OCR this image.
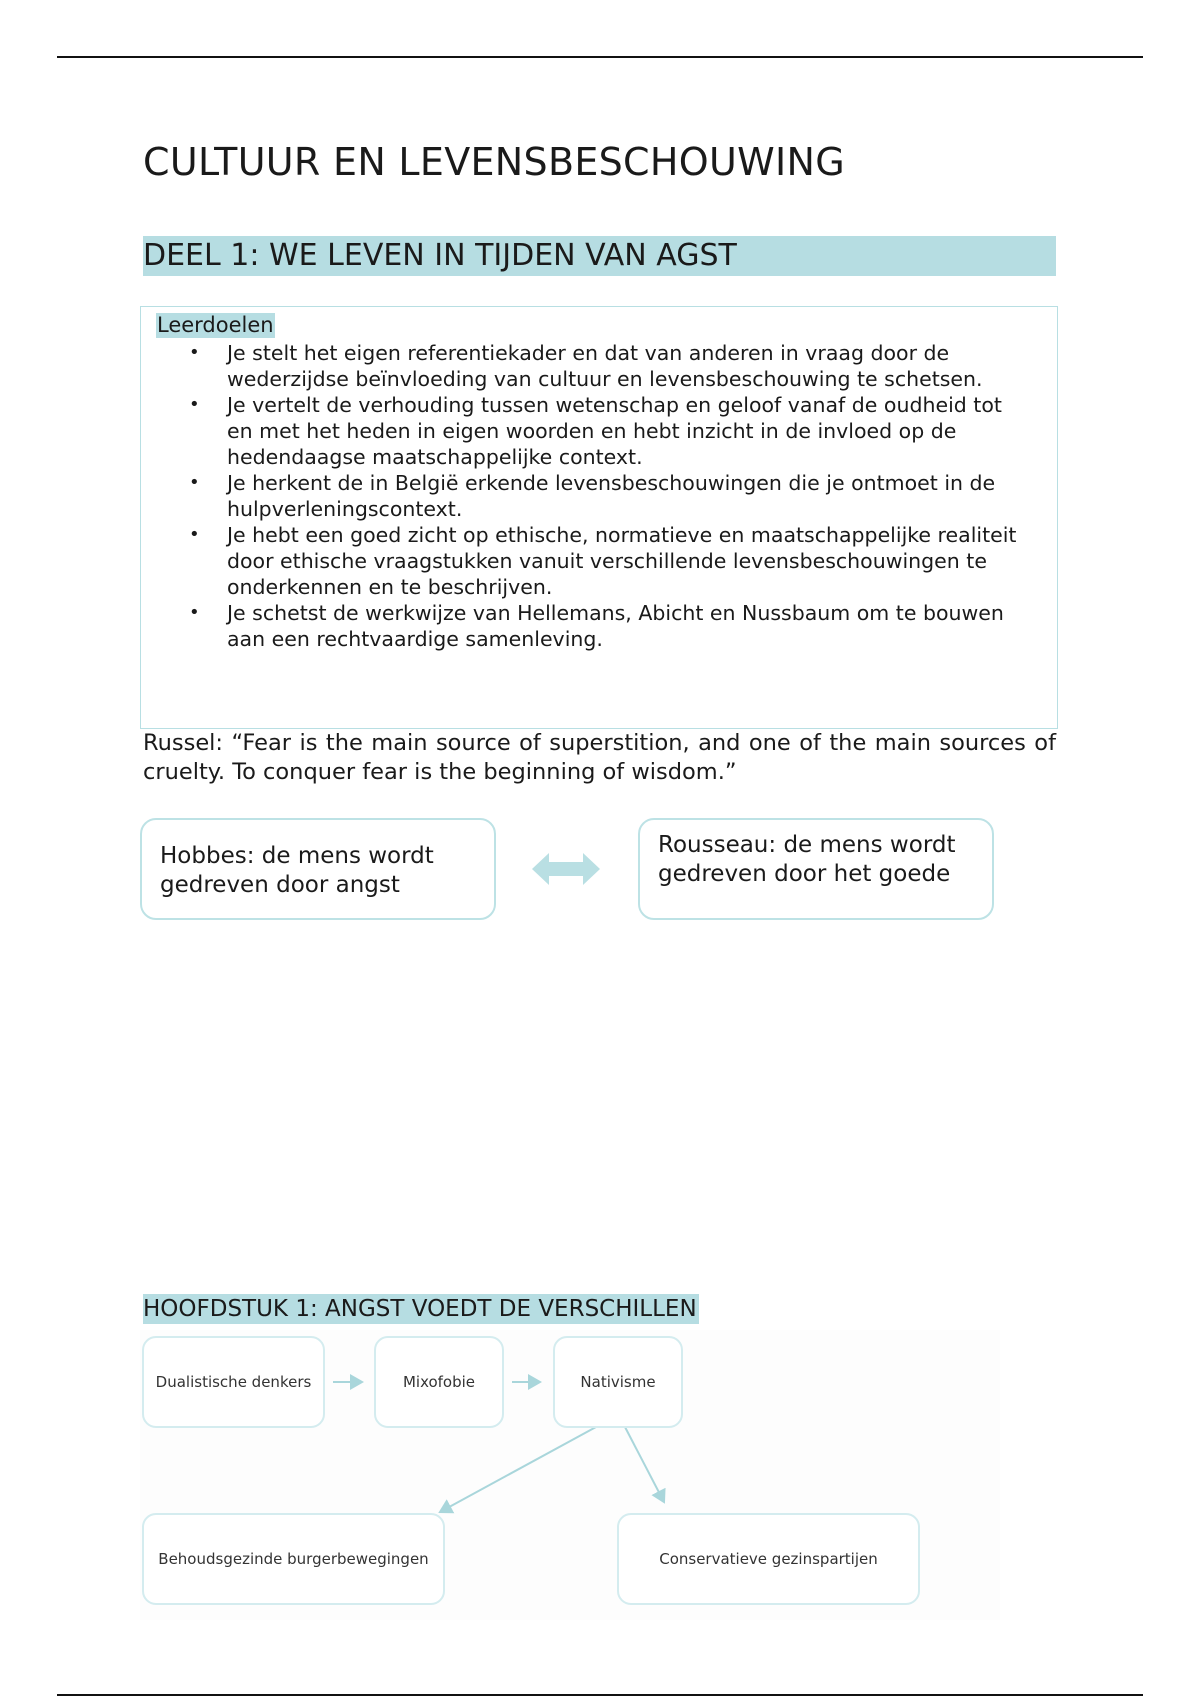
CULTUUR EN LEVENSBESCHOUWING
DEEL 1: WE LEVEN IN TIJDEN VAN AGST
Leerdoelen
• Je stelt het eigen referentiekader en dat van anderen in vraag door de wederzijdse beïnvloeding van cultuur en levensbeschouwing te schetsen.
• Je vertelt de verhouding tussen wetenschap en geloof vanaf de oudheid tot en met het heden in eigen woorden en hebt inzicht in de invloed op de hedendaagse maatschappelijke context.
• Je herkent de in België erkende levensbeschouwingen die je ontmoet in de hulpverleningscontext.
• Je hebt een goed zicht op ethische, normatieve en maatschappelijke realiteit door ethische vraagstukken vanuit verschillende levensbeschouwingen te onderkennen en te beschrijven.
• Je schetst de werkwijze van Hellemans, Abicht en Nussbaum om te bouwen aan een rechtvaardige samenleving.

Russel: “Fear is the main source of superstition, and one of the main sources of cruelty. To conquer fear is the beginning of wisdom.”

Hobbes: de mens wordt gedreven door angst
Rousseau: de mens wordt gedreven door het goede
HOOFDSTUK 1: ANGST VOEDT DE VERSCHILLEN
Dualistische denkers	Mixofobie	Nativisme
Behoudsgezinde burgerbewegingen	Conservatieve gezinspartijen
